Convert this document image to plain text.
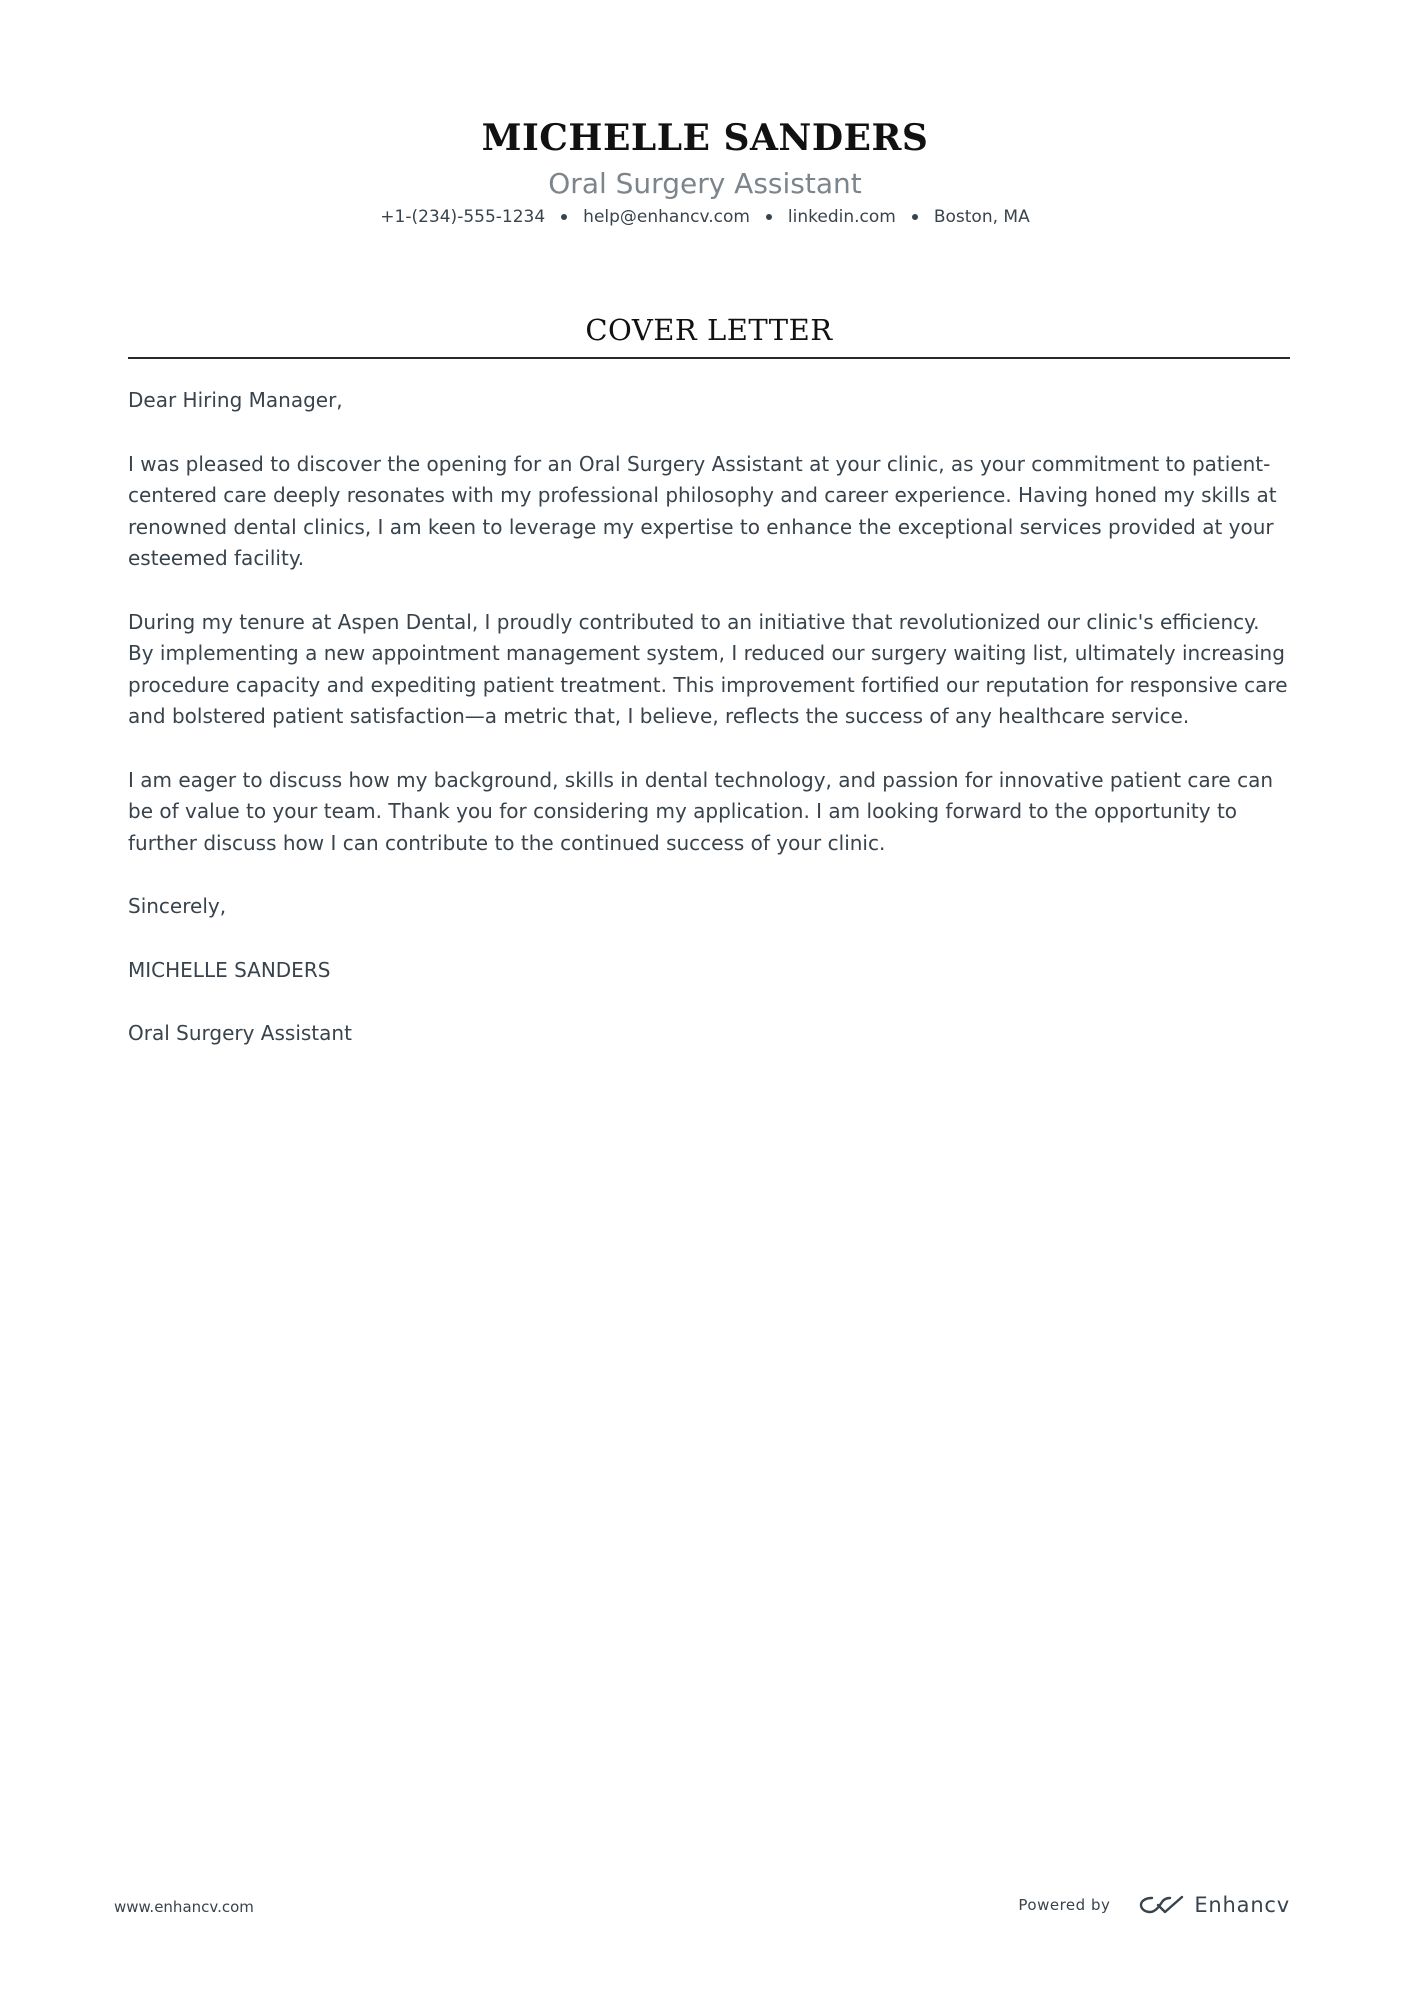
MICHELLE SANDERS
Oral Surgery Assistant
+1-(234)-555-1234 help@enhancv.com linkedin.com Boston, MA
COVER LETTER

Dear Hiring Manager,

I was pleased to discover the opening for an Oral Surgery Assistant at your clinic, as your commitment to patient-centered care deeply resonates with my professional philosophy and career experience. Having honed my skills at renowned dental clinics, I am keen to leverage my expertise to enhance the exceptional services provided at your esteemed facility.

During my tenure at Aspen Dental, I proudly contributed to an initiative that revolutionized our clinic's efficiency. By implementing a new appointment management system, I reduced our surgery waiting list, ultimately increasing procedure capacity and expediting patient treatment. This improvement fortified our reputation for responsive care and bolstered patient satisfaction—a metric that, I believe, reflects the success of any healthcare service.

I am eager to discuss how my background, skills in dental technology, and passion for innovative patient care can be of value to your team. Thank you for considering my application. I am looking forward to the opportunity to further discuss how I can contribute to the continued success of your clinic.

Sincerely,

MICHELLE SANDERS

Oral Surgery Assistant

www.enhancv.com	Powered by	Enhancv
